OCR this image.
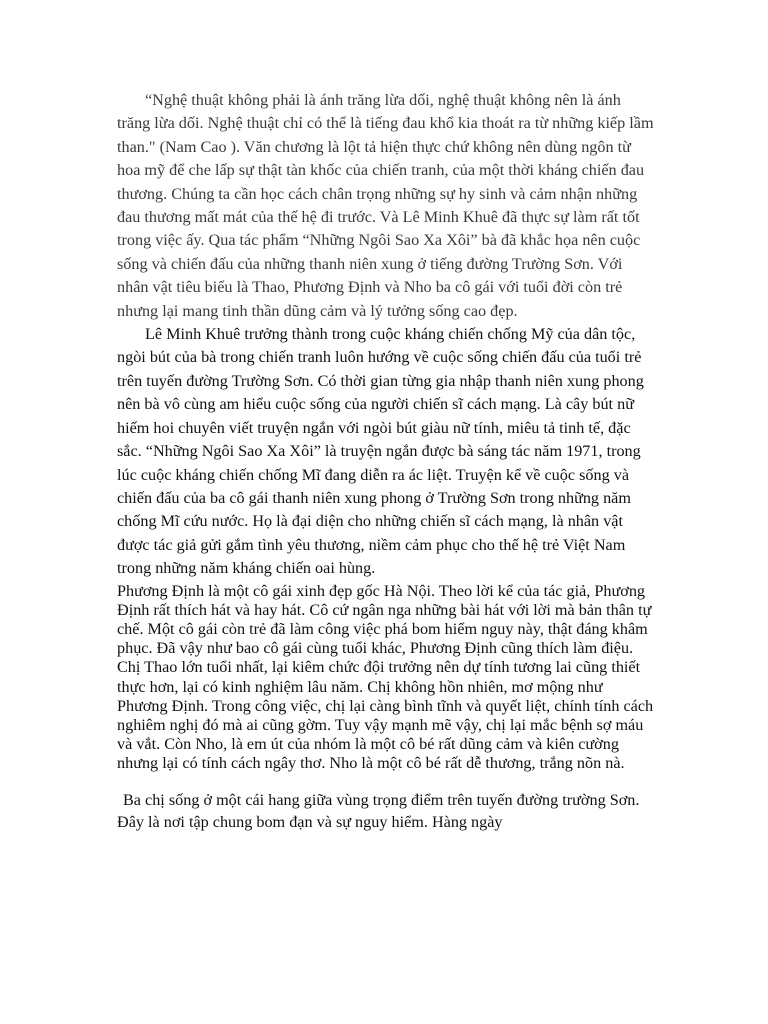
“Nghệ thuật không phải là ánh trăng lừa dối, nghệ thuật không nên là ánh trăng lừa dối. Nghệ thuật chỉ có thể là tiếng đau khổ kia thoát ra từ những kiếp lầm than." (Nam Cao ). Văn chương là lột tả hiện thực chứ không nên dùng ngôn từ hoa mỹ để che lấp sự thật tàn khốc của chiến tranh, của một thời kháng chiến đau thương. Chúng ta cần học cách chân trọng những sự hy sinh và cảm nhận những đau thương mất mát của thế hệ đi trước. Và Lê Minh Khuê đã thực sự làm rất tốt trong việc ấy. Qua tác phẩm “Những Ngôi Sao Xa Xôi” bà đã khắc họa nên cuộc sống và chiến đấu của những thanh niên xung ở tiếng đường Trường Sơn. Với nhân vật tiêu biểu là Thao, Phương Định và Nho ba cô gái với tuổi đời còn trẻ nhưng lại mang tinh thần dũng cảm và lý tưởng sống cao đẹp.

Lê Minh Khuê trưởng thành trong cuộc kháng chiến chống Mỹ của dân tộc, ngòi bút của bà trong chiến tranh luôn hướng về cuộc sống chiến đấu của tuổi trẻ trên tuyến đường Trường Sơn. Có thời gian từng gia nhập thanh niên xung phong nên bà vô cùng am hiểu cuộc sống của người chiến sĩ cách mạng. Là cây bút nữ hiếm hoi chuyên viết truyện ngắn với ngòi bút giàu nữ tính, miêu tả tinh tế, đặc sắc. “Những Ngôi Sao Xa Xôi” là truyện ngắn được bà sáng tác năm 1971, trong lúc cuộc kháng chiến chống Mĩ đang diễn ra ác liệt. Truyện kể về cuộc sống và chiến đấu của ba cô gái thanh niên xung phong ở Trường Sơn trong những năm chống Mĩ cứu nước. Họ là đại diện cho những chiến sĩ cách mạng, là nhân vật được tác giả gửi gắm tình yêu thương, niềm cảm phục cho thế hệ trẻ Việt Nam trong những năm kháng chiến oai hùng.

Phương Định là một cô gái xinh đẹp gốc Hà Nội. Theo lời kể của tác giả, Phương Định rất thích hát và hay hát. Cô cứ ngân nga những bài hát với lời mà bản thân tự chế. Một cô gái còn trẻ đã làm công việc phá bom hiểm nguy này, thật đáng khâm phục. Đã vậy như bao cô gái cùng tuổi khác, Phương Định cũng thích làm điệu. Chị Thao lớn tuổi nhất, lại kiêm chức đội trưởng nên dự tính tương lai cũng thiết thực hơn, lại có kinh nghiệm lâu năm. Chị không hồn nhiên, mơ mộng như Phương Định. Trong công việc, chị lại càng bình tĩnh và quyết liệt, chính tính cách nghiêm nghị đó mà ai cũng gờm. Tuy vậy mạnh mẽ vậy, chị lại mắc bệnh sợ máu và vắt. Còn Nho, là em út của nhóm là một cô bé rất dũng cảm và kiên cường nhưng lại có tính cách ngây thơ. Nho là một cô bé rất dễ thương, trắng nõn nà.

Ba chị sống ở một cái hang giữa vùng trọng điểm trên tuyến đường trường Sơn. Đây là nơi tập chung bom đạn và sự nguy hiểm. Hàng ngày
